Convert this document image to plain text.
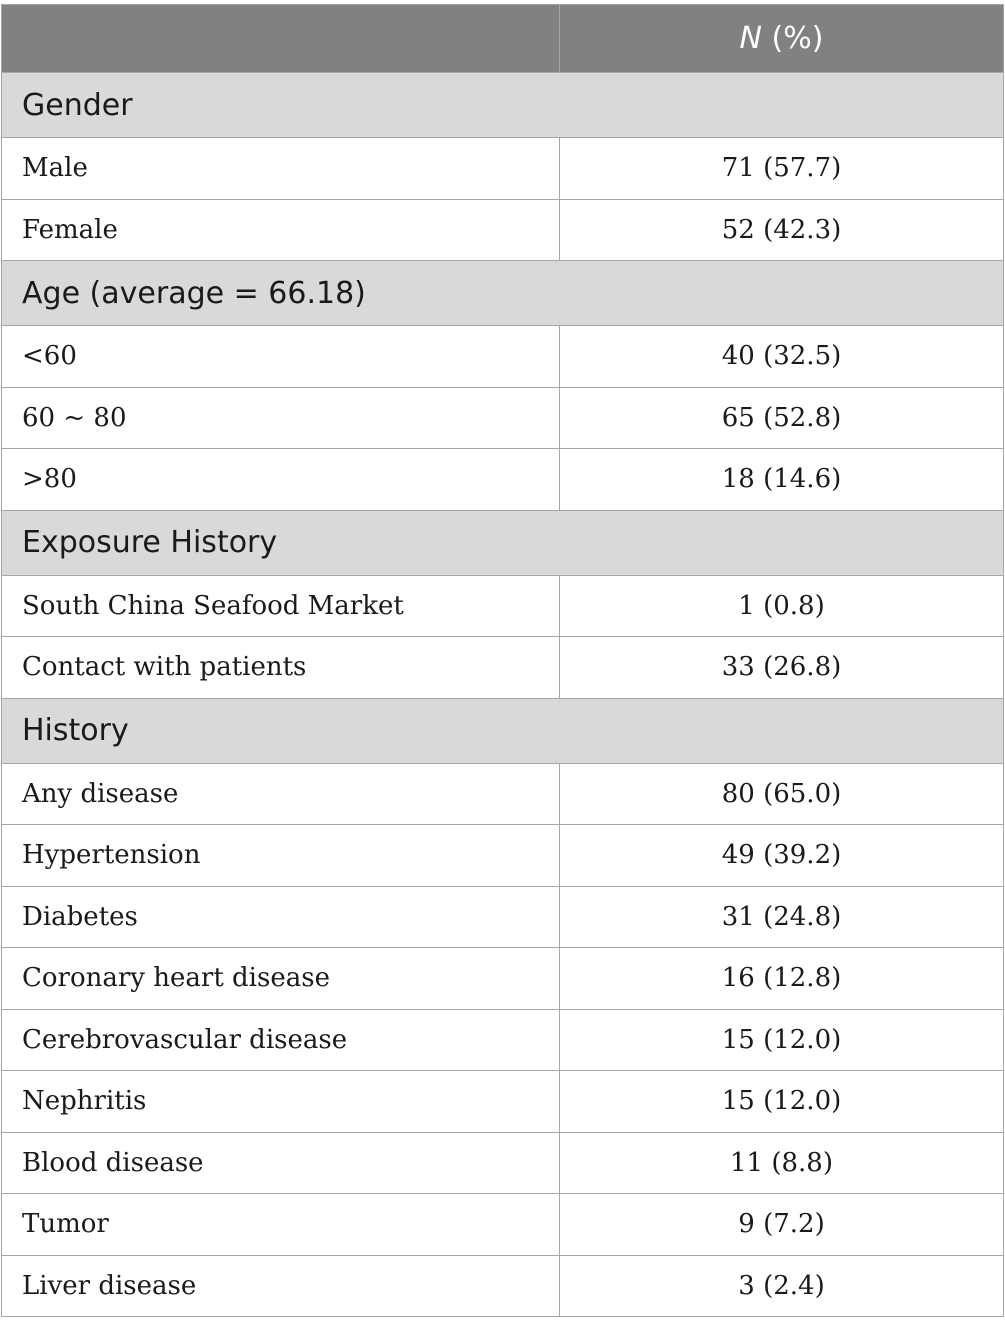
	N (%)
Gender	
Male	71 (57.7)
Female	52 (42.3)
Age (average = 66.18)	
<60	40 (32.5)
60 ~ 80	65 (52.8)
>80	18 (14.6)
Exposure History	
South China Seafood Market	1 (0.8)
Contact with patients	33 (26.8)
History	
Any disease	80 (65.0)
Hypertension	49 (39.2)
Diabetes	31 (24.8)
Coronary heart disease	16 (12.8)
Cerebrovascular disease	15 (12.0)
Nephritis	15 (12.0)
Blood disease	11 (8.8)
Tumor	9 (7.2)
Liver disease	3 (2.4)
